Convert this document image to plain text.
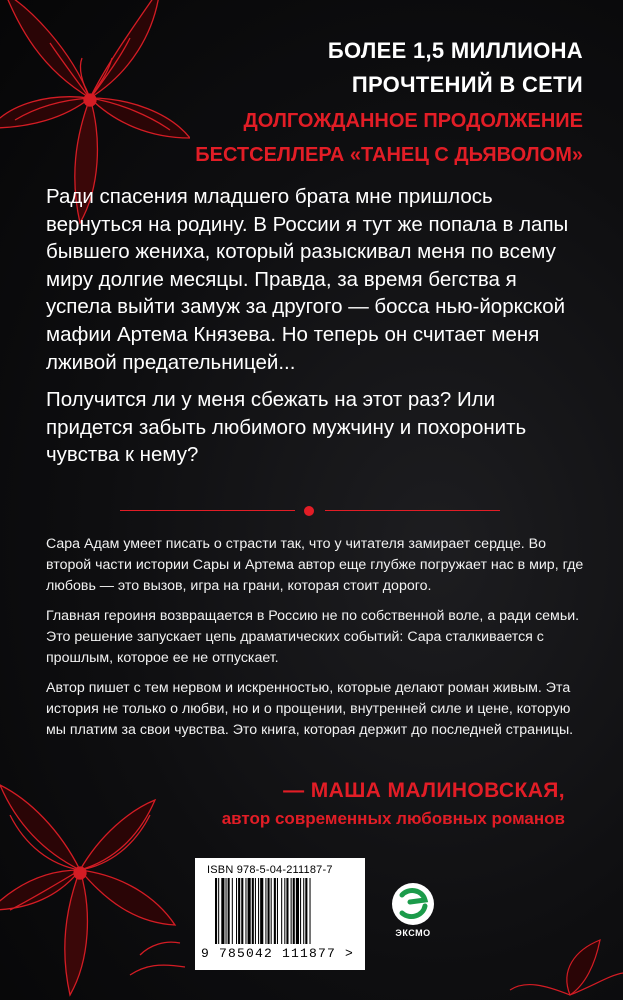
БОЛЕЕ 1,5 МИЛЛИОНА
ПРОЧТЕНИЙ В СЕТИ
ДОЛГОЖДАННОЕ ПРОДОЛЖЕНИЕ
БЕСТСЕЛЛЕРА «ТАНЕЦ С ДЬЯВОЛОМ»

Ради спасения младшего брата мне пришлось вернуться на родину. В России я тут же попала в лапы бывшего жениха, который разыскивал меня по всему миру долгие месяцы. Правда, за время бегства я успела выйти замуж за другого — босса нью-йоркской мафии Артема Князева. Но теперь он считает меня лживой предательницей...

Получится ли у меня сбежать на этот раз? Или придется забыть любимого мужчину и похоронить чувства к нему?

Сара Адам умеет писать о страсти так, что у читателя замирает сердце. Во второй части истории Сары и Артема автор еще глубже погружает нас в мир, где любовь — это вызов, игра на грани, которая стоит дорого.

Главная героиня возвращается в Россию не по собственной воле, а ради семьи. Это решение запускает цепь драматических событий: Сара сталкивается с прошлым, которое ее не отпускает.

Автор пишет с тем нервом и искренностью, которые делают роман живым. Эта история не только о любви, но и о прощении, внутренней силе и цене, которую мы платим за свои чувства. Это книга, которая держит до последней страницы.

— МАША МАЛИНОВСКАЯ,
автор современных любовных романов
ISBN 978-5-04-211187-7
9 785042 111877 >
ЭКСМО
